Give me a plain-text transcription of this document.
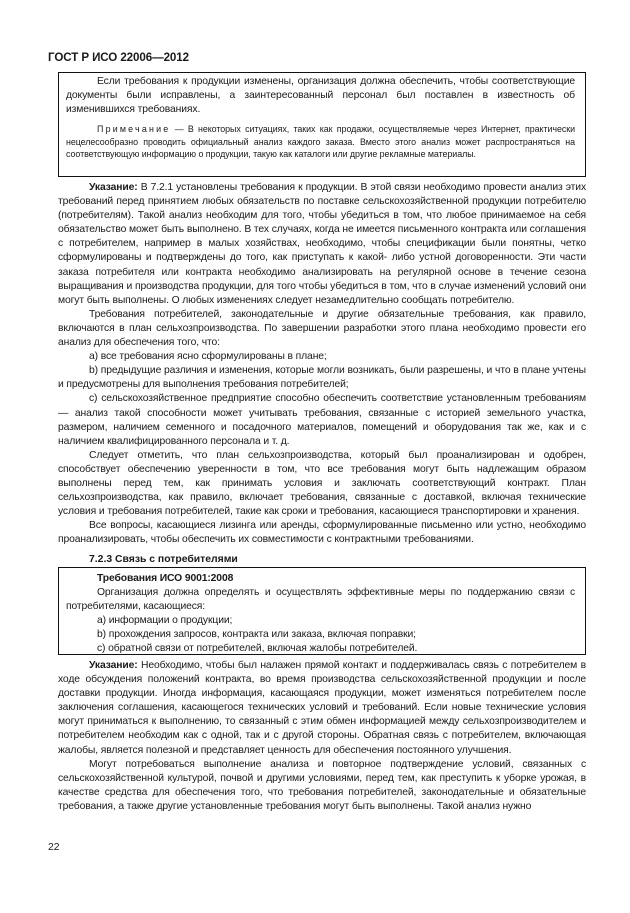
ГОСТ Р ИСО 22006—2012

Если требования к продукции изменены, организация должна обеспечить, чтобы соответствующие документы были исправлены, а заинтересованный персонал был поставлен в известность об изменившихся требованиях.

Примечание — В некоторых ситуациях, таких как продажи, осуществляемые через Интернет, практически нецелесообразно проводить официальный анализ каждого заказа. Вместо этого анализ может распространяться на соответствующую информацию о продукции, такую как каталоги или другие рекламные материалы.

Указание: В 7.2.1 установлены требования к продукции. В этой связи необходимо провести анализ этих требований перед принятием любых обязательств по поставке сельскохозяйственной продукции потребителю (потребителям). Такой анализ необходим для того, чтобы убедиться в том, что любое принимаемое на себя обязательство может быть выполнено. В тех случаях, когда не имеется письменного контракта или соглашения с потребителем, например в малых хозяйствах, необходимо, чтобы спецификации были понятны, четко сформулированы и подтверждены до того, как приступать к какой- либо устной договоренности. Эти части заказа потребителя или контракта необходимо анализировать на регулярной основе в течение сезона выращивания и производства продукции, для того чтобы убедиться в том, что в случае изменений условий они могут быть выполнены. О любых изменениях следует незамедлительно сообщать потребителю.

Требования потребителей, законодательные и другие обязательные требования, как правило, включаются в план сельхозпроизводства. По завершении разработки этого плана необходимо провести его анализ для обеспечения того, что:

а) все требования ясно сформулированы в плане;

b) предыдущие различия и изменения, которые могли возникать, были разрешены, и что в плане учтены и предусмотрены для выполнения требования потребителей;

с) сельскохозяйственное предприятие способно обеспечить соответствие установленным требованиям — анализ такой способности может учитывать требования, связанные с историей земельного участка, размером, наличием семенного и посадочного материалов, помещений и оборудования так же, как и с наличием квалифицированного персонала и т. д.

Следует отметить, что план сельхозпроизводства, который был проанализирован и одобрен, способствует обеспечению уверенности в том, что все требования могут быть надлежащим образом выполнены перед тем, как принимать условия и заключать соответствующий контракт. План сельхозпроизводства, как правило, включает требования, связанные с доставкой, включая технические условия и требования потребителей, такие как сроки и требования, касающиеся транспортировки и хранения.

Все вопросы, касающиеся лизинга или аренды, сформулированные письменно или устно, необходимо проанализировать, чтобы обеспечить их совместимости с контрактными требованиями.

7.2.3 Связь с потребителями

Требования ИСО 9001:2008

Организация должна определять и осуществлять эффективные меры по поддержанию связи с потребителями, касающиеся:

а) информации о продукции;

b) прохождения запросов, контракта или заказа, включая поправки;

с) обратной связи от потребителей, включая жалобы потребителей.

Указание: Необходимо, чтобы был налажен прямой контакт и поддерживалась связь с потребителем в ходе обсуждения положений контракта, во время производства сельскохозяйственной продукции и после доставки продукции. Иногда информация, касающаяся продукции, может изменяться потребителем после заключения соглашения, касающегося технических условий и требований. Если новые технические условия могут приниматься к выполнению, то связанный с этим обмен информацией между сельхозпроизводителем и потребителем необходим как с одной, так и с другой стороны. Обратная связь с потребителем, включающая жалобы, является полезной и представляет ценность для обеспечения постоянного улучшения.

Могут потребоваться выполнение анализа и повторное подтверждение условий, связанных с сельскохозяйственной культурой, почвой и другими условиями, перед тем, как преступить к уборке урожая, в качестве средства для обеспечения того, что требования потребителей, законодательные и обязательные требования, а также другие установленные требования могут быть выполнены. Такой анализ нужно

22
